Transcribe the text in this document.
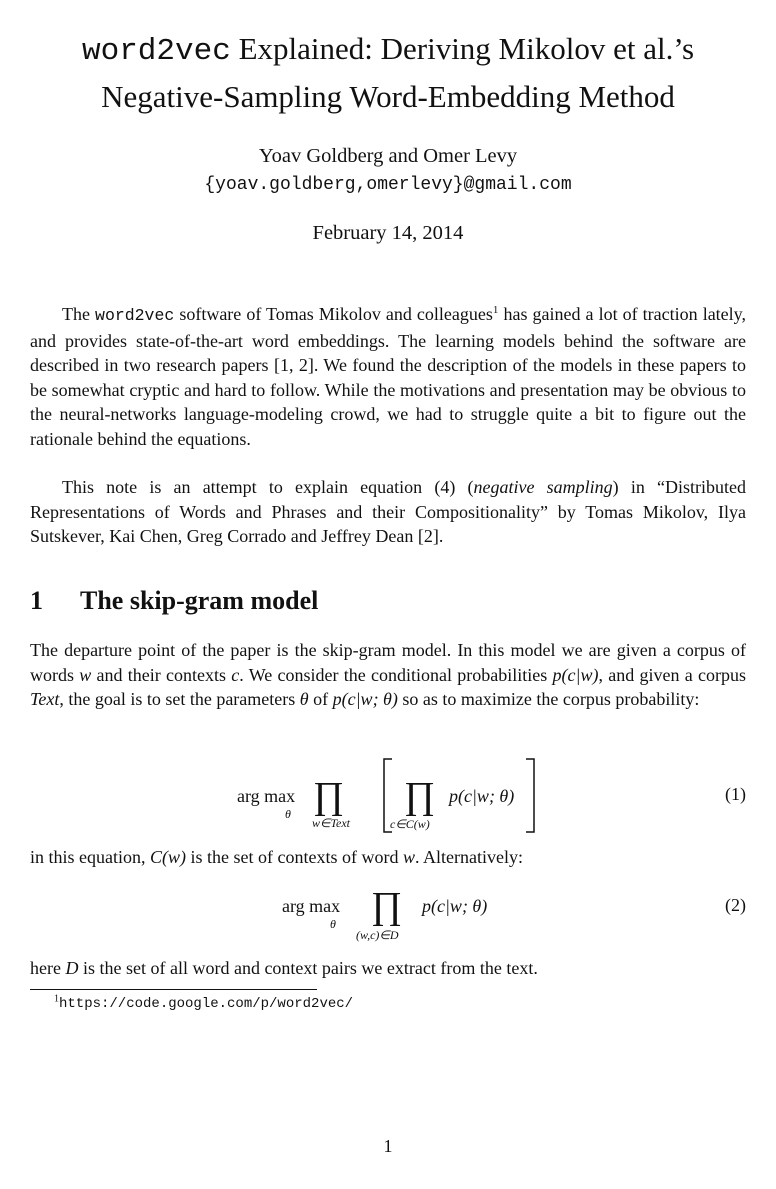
word2vec Explained: Deriving Mikolov et al.’s
Negative-Sampling Word-Embedding Method
Yoav Goldberg and Omer Levy
{yoav.goldberg,omerlevy}@gmail.com
February 14, 2014

The word2vec software of Tomas Mikolov and colleagues$^1$ has gained a lot of traction lately, and provides state-of-the-art word embeddings. The learning models behind the software are described in two research papers [1, 2]. We found the description of the models in these papers to be somewhat cryptic and hard to follow. While the motivations and presentation may be obvious to the neural-networks language-modeling crowd, we had to struggle quite a bit to figure out the rationale behind the equations.

This note is an attempt to explain equation (4) (negative sampling) in “Distributed Representations of Words and Phrases and their Compositionality” by Tomas Mikolov, Ilya Sutskever, Kai Chen, Greg Corrado and Jeffrey Dean [2].

1 The skip-gram model

The departure point of the paper is the skip-gram model. In this model we are given a corpus of words w and their contexts c. We consider the conditional probabilities p(c|w), and given a corpus Text, the goal is to set the parameters θ of p(c|w; θ) so as to maximize the corpus probability:

arg max
θ ∏
w∈Text
∏
c∈C(w)
p(c|w; θ)	(1)

in this equation, C(w) is the set of contexts of word w. Alternatively:

arg max
θ ∏
(w,c)∈D
p(c|w; θ)	(2)

here D is the set of all word and context pairs we extract from the text.

$^1$https://code.google.com/p/word2vec/
1
